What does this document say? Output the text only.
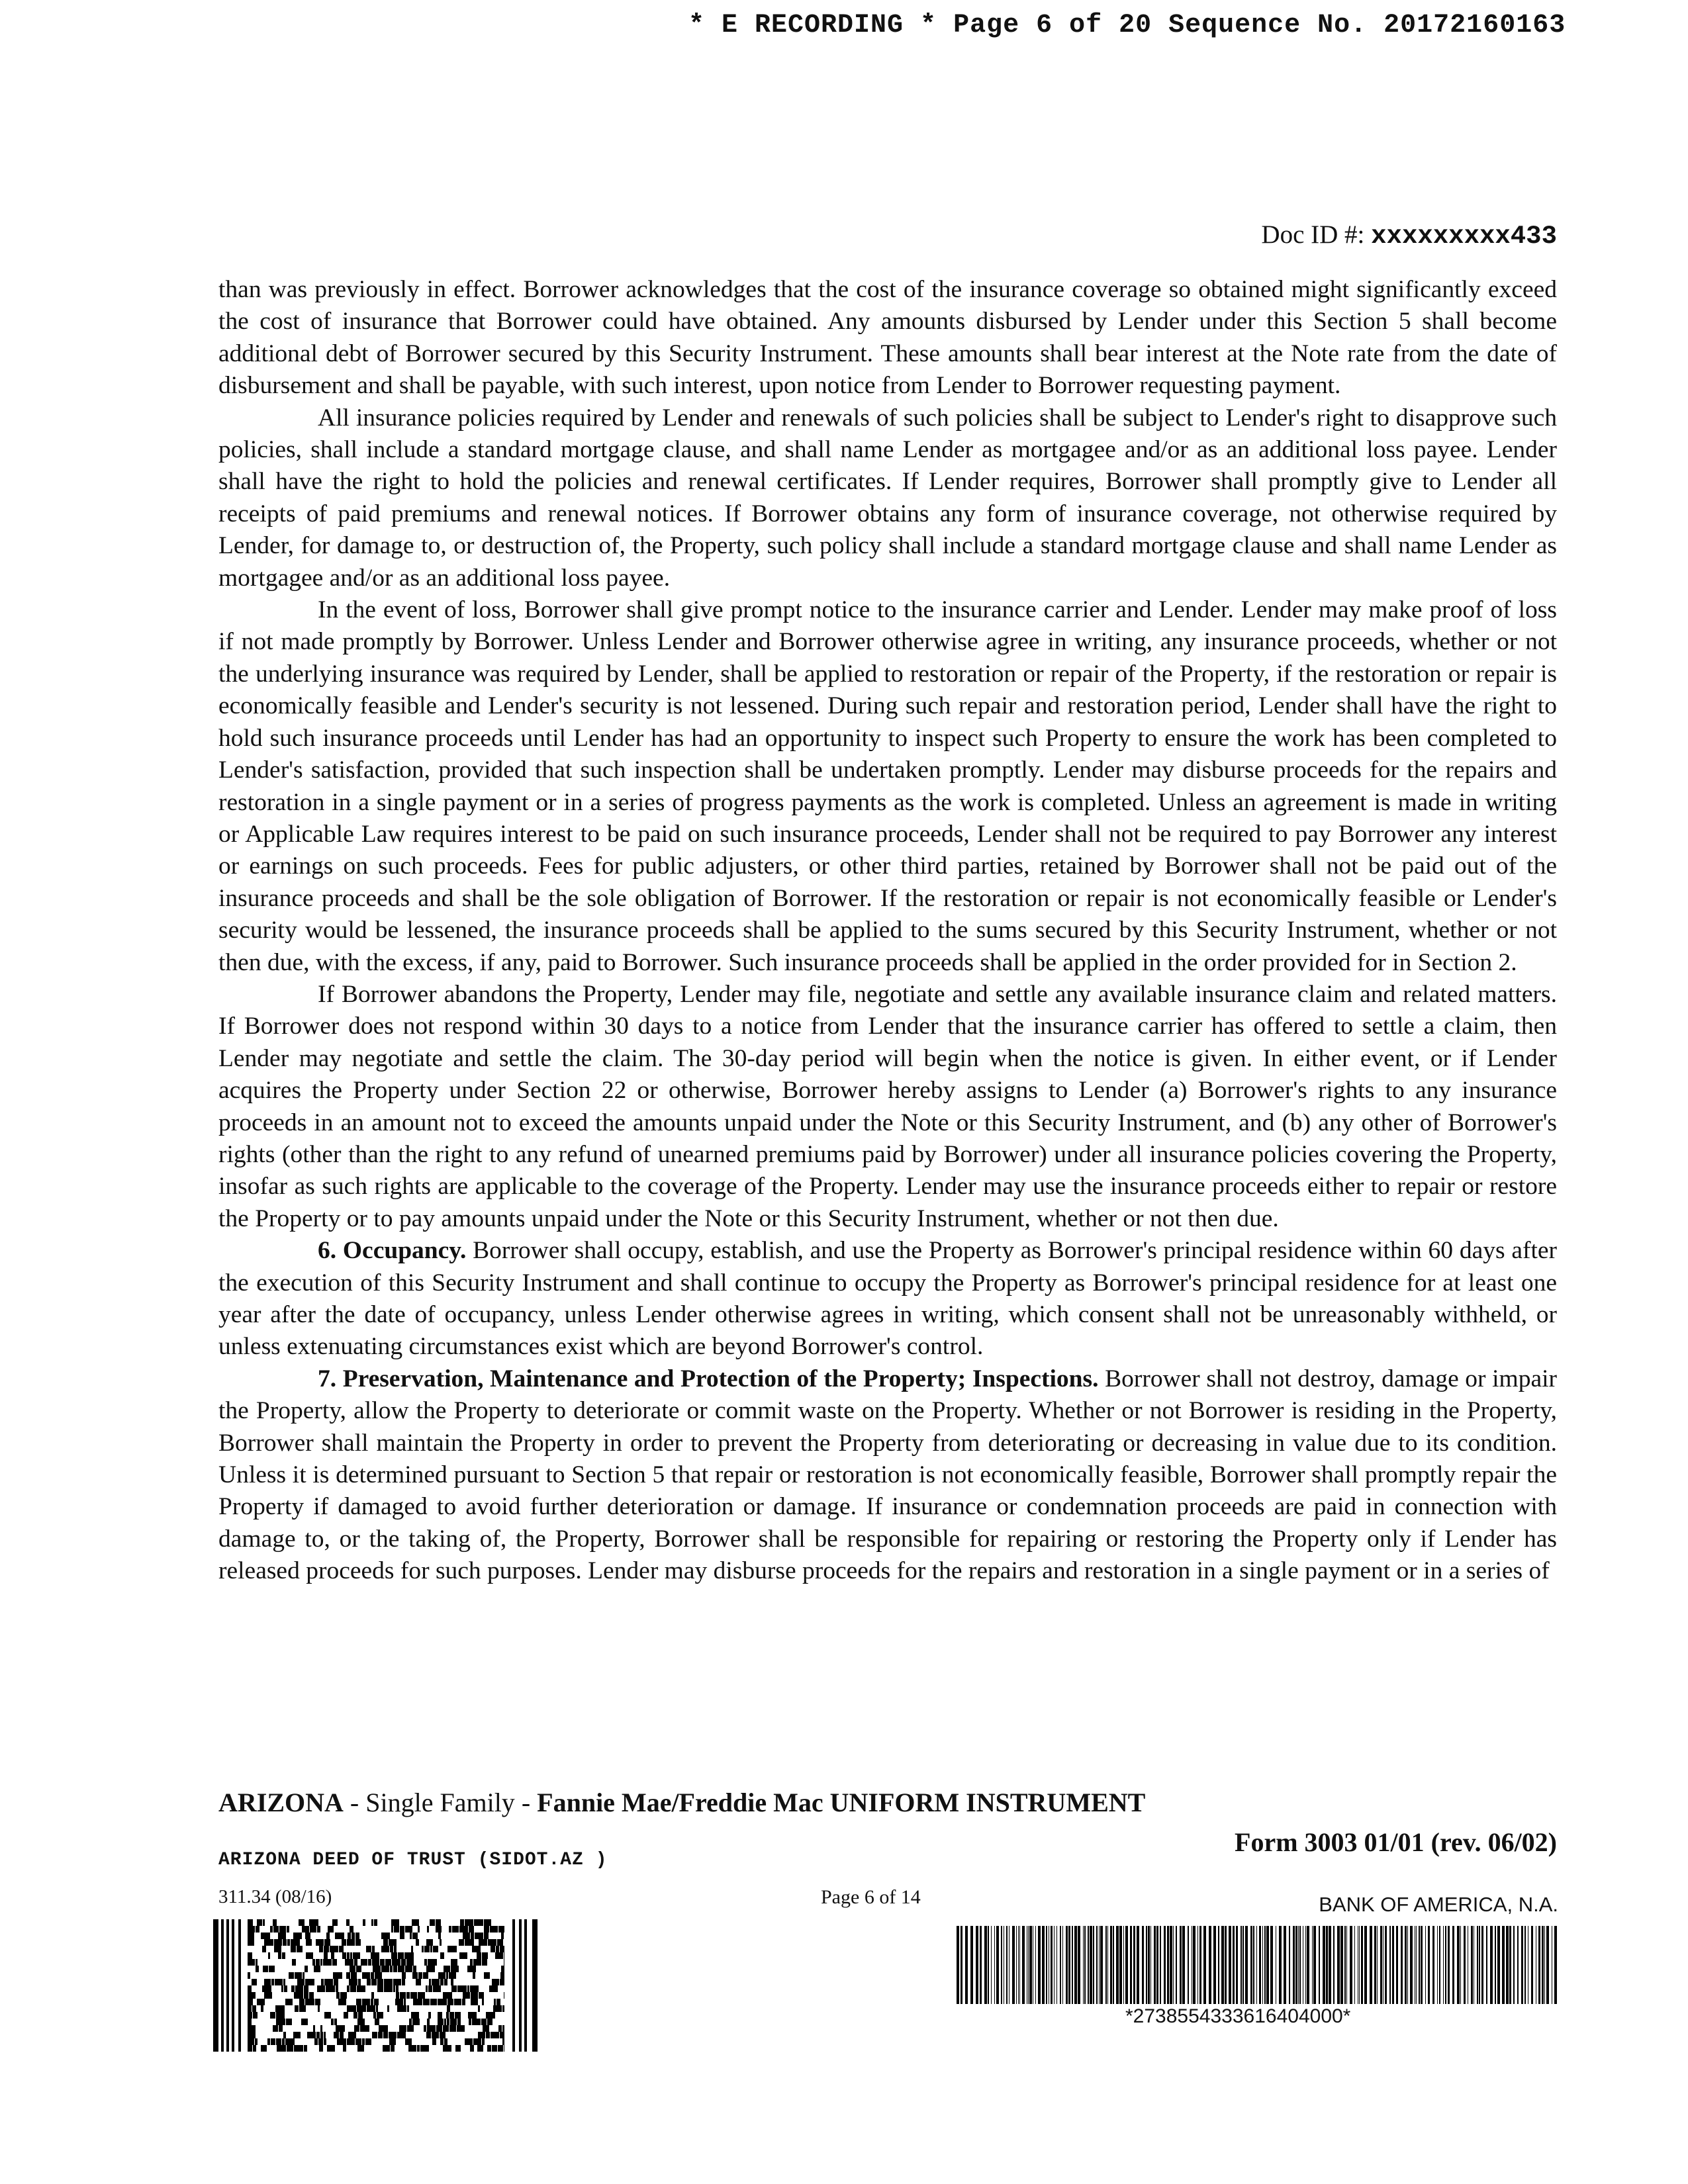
* E RECORDING * Page 6 of 20 Sequence No. 20172160163
Doc ID #: xxxxxxxxx433

than was previously in effect. Borrower acknowledges that the cost of the insurance coverage so obtained might significantly exceed the cost of insurance that Borrower could have obtained. Any amounts disbursed by Lender under this Section 5 shall become additional debt of Borrower secured by this Security Instrument. These amounts shall bear interest at the Note rate from the date of disbursement and shall be payable, with such interest, upon notice from Lender to Borrower requesting payment.

All insurance policies required by Lender and renewals of such policies shall be subject to Lender's right to disapprove such policies, shall include a standard mortgage clause, and shall name Lender as mortgagee and/or as an additional loss payee. Lender shall have the right to hold the policies and renewal certificates. If Lender requires, Borrower shall promptly give to Lender all receipts of paid premiums and renewal notices. If Borrower obtains any form of insurance coverage, not otherwise required by Lender, for damage to, or destruction of, the Property, such policy shall include a standard mortgage clause and shall name Lender as mortgagee and/or as an additional loss payee.

In the event of loss, Borrower shall give prompt notice to the insurance carrier and Lender. Lender may make proof of loss if not made promptly by Borrower. Unless Lender and Borrower otherwise agree in writing, any insurance proceeds, whether or not the underlying insurance was required by Lender, shall be applied to restoration or repair of the Property, if the restoration or repair is economically feasible and Lender's security is not lessened. During such repair and restoration period, Lender shall have the right to hold such insurance proceeds until Lender has had an opportunity to inspect such Property to ensure the work has been completed to Lender's satisfaction, provided that such inspection shall be undertaken promptly. Lender may disburse proceeds for the repairs and restoration in a single payment or in a series of progress payments as the work is completed. Unless an agreement is made in writing or Applicable Law requires interest to be paid on such insurance proceeds, Lender shall not be required to pay Borrower any interest or earnings on such proceeds. Fees for public adjusters, or other third parties, retained by Borrower shall not be paid out of the insurance proceeds and shall be the sole obligation of Borrower. If the restoration or repair is not economically feasible or Lender's security would be lessened, the insurance proceeds shall be applied to the sums secured by this Security Instrument, whether or not then due, with the excess, if any, paid to Borrower. Such insurance proceeds shall be applied in the order provided for in Section 2.

If Borrower abandons the Property, Lender may file, negotiate and settle any available insurance claim and related matters. If Borrower does not respond within 30 days to a notice from Lender that the insurance carrier has offered to settle a claim, then Lender may negotiate and settle the claim. The 30-day period will begin when the notice is given. In either event, or if Lender acquires the Property under Section 22 or otherwise, Borrower hereby assigns to Lender (a) Borrower's rights to any insurance proceeds in an amount not to exceed the amounts unpaid under the Note or this Security Instrument, and (b) any other of Borrower's rights (other than the right to any refund of unearned premiums paid by Borrower) under all insurance policies covering the Property, insofar as such rights are applicable to the coverage of the Property. Lender may use the insurance proceeds either to repair or restore the Property or to pay amounts unpaid under the Note or this Security Instrument, whether or not then due.

6. Occupancy. Borrower shall occupy, establish, and use the Property as Borrower's principal residence within 60 days after the execution of this Security Instrument and shall continue to occupy the Property as Borrower's principal residence for at least one year after the date of occupancy, unless Lender otherwise agrees in writing, which consent shall not be unreasonably withheld, or unless extenuating circumstances exist which are beyond Borrower's control.

7. Preservation, Maintenance and Protection of the Property; Inspections. Borrower shall not destroy, damage or impair the Property, allow the Property to deteriorate or commit waste on the Property. Whether or not Borrower is residing in the Property, Borrower shall maintain the Property in order to prevent the Property from deteriorating or decreasing in value due to its condition. Unless it is determined pursuant to Section 5 that repair or restoration is not economically feasible, Borrower shall promptly repair the Property if damaged to avoid further deterioration or damage. If insurance or condemnation proceeds are paid in connection with damage to, or the taking of, the Property, Borrower shall be responsible for repairing or restoring the Property only if Lender has released proceeds for such purposes. Lender may disburse proceeds for the repairs and restoration in a single payment or in a series of

ARIZONA - Single Family - Fannie Mae/Freddie Mac UNIFORM INSTRUMENT
Form 3003 01/01 (rev. 06/02)
ARIZONA DEED OF TRUST (SIDOT.AZ )
311.34 (08/16)	Page 6 of 14	BANK OF AMERICA, N.A.
*2738554333616404000*
